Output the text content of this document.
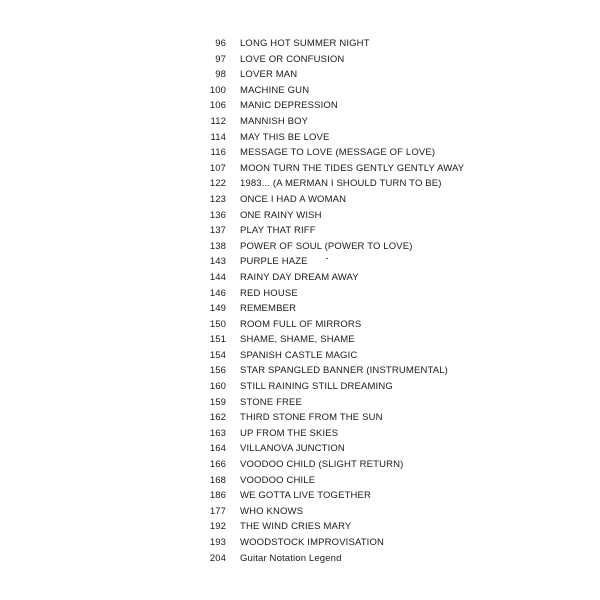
96 LONG HOT SUMMER NIGHT
97 LOVE OR CONFUSION
98 LOVER MAN
100 MACHINE GUN
106 MANIC DEPRESSION
112 MANNISH BOY
114 MAY THIS BE LOVE
116 MESSAGE TO LOVE (MESSAGE OF LOVE)
107 MOON TURN THE TIDES GENTLY GENTLY AWAY
122 1983... (A MERMAN I SHOULD TURN TO BE)
123 ONCE I HAD A WOMAN
136 ONE RAINY WISH
137 PLAY THAT RIFF
138 POWER OF SOUL (POWER TO LOVE)
143 PURPLE HAZE
144 RAINY DAY DREAM AWAY
146 RED HOUSE
149 REMEMBER
150 ROOM FULL OF MIRRORS
151 SHAME, SHAME, SHAME
154 SPANISH CASTLE MAGIC
156 STAR SPANGLED BANNER (INSTRUMENTAL)
160 STILL RAINING STILL DREAMING
159 STONE FREE
162 THIRD STONE FROM THE SUN
163 UP FROM THE SKIES
164 VILLANOVA JUNCTION
166 VOODOO CHILD (SLIGHT RETURN)
168 VOODOO CHILE
186 WE GOTTA LIVE TOGETHER
177 WHO KNOWS
192 THE WIND CRIES MARY
193 WOODSTOCK IMPROVISATION
204 Guitar Notation Legend
